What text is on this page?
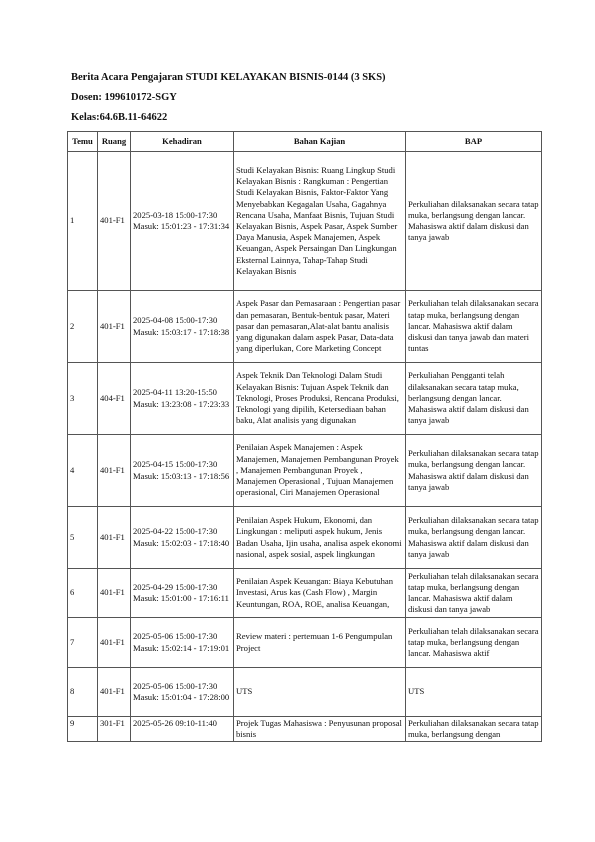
Berita Acara Pengajaran STUDI KELAYAKAN BISNIS-0144 (3 SKS)
Dosen: 199610172-SGY
Kelas:64.6B.11-64622
Temu	Ruang	Kehadiran	Bahan Kajian	BAP
1	401-F1	2025-03-18 15:00-17:30 Masuk: 15:01:23 - 17:31:34	Studi Kelayakan Bisnis: Ruang Lingkup Studi Kelayakan Bisnis : Rangkuman : Pengertian Studi Kelayakan Bisnis, Faktor-Faktor Yang Menyebabkan Kegagalan Usaha, Gagahnya Rencana Usaha, Manfaat Bisnis, Tujuan Studi Kelayakan Bisnis, Aspek Pasar, Aspek Sumber Daya Manusia, Aspek Manajemen, Aspek Keuangan, Aspek Persaingan Dan Lingkungan Eksternal Lainnya, Tahap-Tahap Studi Kelayakan Bisnis	Perkuliahan dilaksanakan secara tatap muka, berlangsung dengan lancar. Mahasiswa aktif dalam diskusi dan tanya jawab
2	401-F1	2025-04-08 15:00-17:30 Masuk: 15:03:17 - 17:18:38	Aspek Pasar dan Pemasaraan : Pengertian pasar dan pemasaran, Bentuk-bentuk pasar, Materi pasar dan pemasaran,Alat-alat bantu analisis yang digunakan dalam aspek Pasar, Data-data yang diperlukan, Core Marketing Concept	Perkuliahan telah dilaksanakan secara tatap muka, berlangsung dengan lancar. Mahasiswa aktif dalam diskusi dan tanya jawab dan materi tuntas
3	404-F1	2025-04-11 13:20-15:50 Masuk: 13:23:08 - 17:23:33	Aspek Teknik Dan Teknologi Dalam Studi Kelayakan Bisnis: Tujuan Aspek Teknik dan Teknologi, Proses Produksi, Rencana Produksi, Teknologi yang dipilih, Ketersediaan bahan baku, Alat analisis yang digunakan	Perkuliahan Pengganti telah dilaksanakan secara tatap muka, berlangsung dengan lancar. Mahasiswa aktif dalam diskusi dan tanya jawab
4	401-F1	2025-04-15 15:00-17:30 Masuk: 15:03:13 - 17:18:56	Penilaian Aspek Manajemen : Aspek Manajemen, Manajemen Pembangunan Proyek , Manajemen Pembangunan Proyek , Manajemen Operasional , Tujuan Manajemen operasional, Ciri Manajemen Operasional	Perkuliahan dilaksanakan secara tatap muka, berlangsung dengan lancar. Mahasiswa aktif dalam diskusi dan tanya jawab
5	401-F1	2025-04-22 15:00-17:30 Masuk: 15:02:03 - 17:18:40	Penilaian Aspek Hukum, Ekonomi, dan Lingkungan : meliputi aspek hukum, Jenis Badan Usaha, Ijin usaha, analisa aspek ekonomi nasional, aspek sosial, aspek lingkungan	Perkuliahan dilaksanakan secara tatap muka, berlangsung dengan lancar. Mahasiswa aktif dalam diskusi dan tanya jawab
6	401-F1	2025-04-29 15:00-17:30 Masuk: 15:01:00 - 17:16:11	Penilaian Aspek Keuangan: Biaya Kebutuhan Investasi, Arus kas (Cash Flow) , Margin Keuntungan, ROA, ROE, analisa Keuangan,	Perkuliahan telah dilaksanakan secara tatap muka, berlangsung dengan lancar. Mahasiswa aktif dalam diskusi dan tanya jawab
7	401-F1	2025-05-06 15:00-17:30 Masuk: 15:02:14 - 17:19:01	Review materi : pertemuan 1-6 Pengumpulan Project	Perkuliahan telah dilaksanakan secara tatap muka, berlangsung dengan lancar. Mahasiswa aktif
8	401-F1	2025-05-06 15:00-17:30 Masuk: 15:01:04 - 17:28:00	UTS	UTS
9	301-F1	2025-05-26 09:10-11:40	Projek Tugas Mahasiswa : Penyusunan proposal bisnis	Perkuliahan dilaksanakan secara tatap muka, berlangsung dengan
